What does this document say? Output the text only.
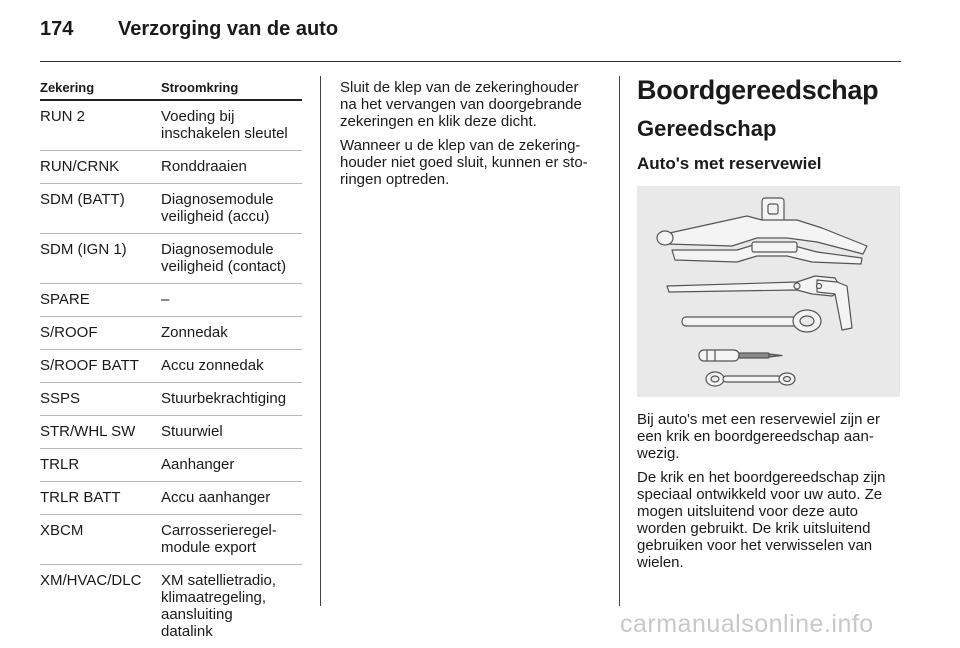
174	Verzorging van de auto
Zekering	Stroomkring
RUN 2	Voeding bij
inschakelen sleutel
RUN/CRNK	Ronddraaien
SDM (BATT)	Diagnosemodule
veiligheid (accu)
SDM (IGN 1)	Diagnosemodule
veiligheid (contact)
SPARE	–
S/ROOF	Zonnedak
S/ROOF BATT	Accu zonnedak
SSPS	Stuurbekrachtiging
STR/WHL SW	Stuurwiel
TRLR	Aanhanger
TRLR BATT	Accu aanhanger
XBCM	Carrosserieregel-
module export
XM/HVAC/DLC	XM satellietradio,
klimaatregeling,
aansluiting
datalink

Sluit de klep van de zekeringhouder
na het vervangen van doorgebrande
zekeringen en klik deze dicht.

Wanneer u de klep van de zekering-
houder niet goed sluit, kunnen er sto-
ringen optreden.

Boordgereedschap
Gereedschap
Auto's met reservewiel

Bij auto's met een reservewiel zijn er
een krik en boordgereedschap aan-
wezig.

De krik en het boordgereedschap zijn
speciaal ontwikkeld voor uw auto. Ze
mogen uitsluitend voor deze auto
worden gebruikt. De krik uitsluitend
gebruiken voor het verwisselen van
wielen.

carmanualsonline.info
